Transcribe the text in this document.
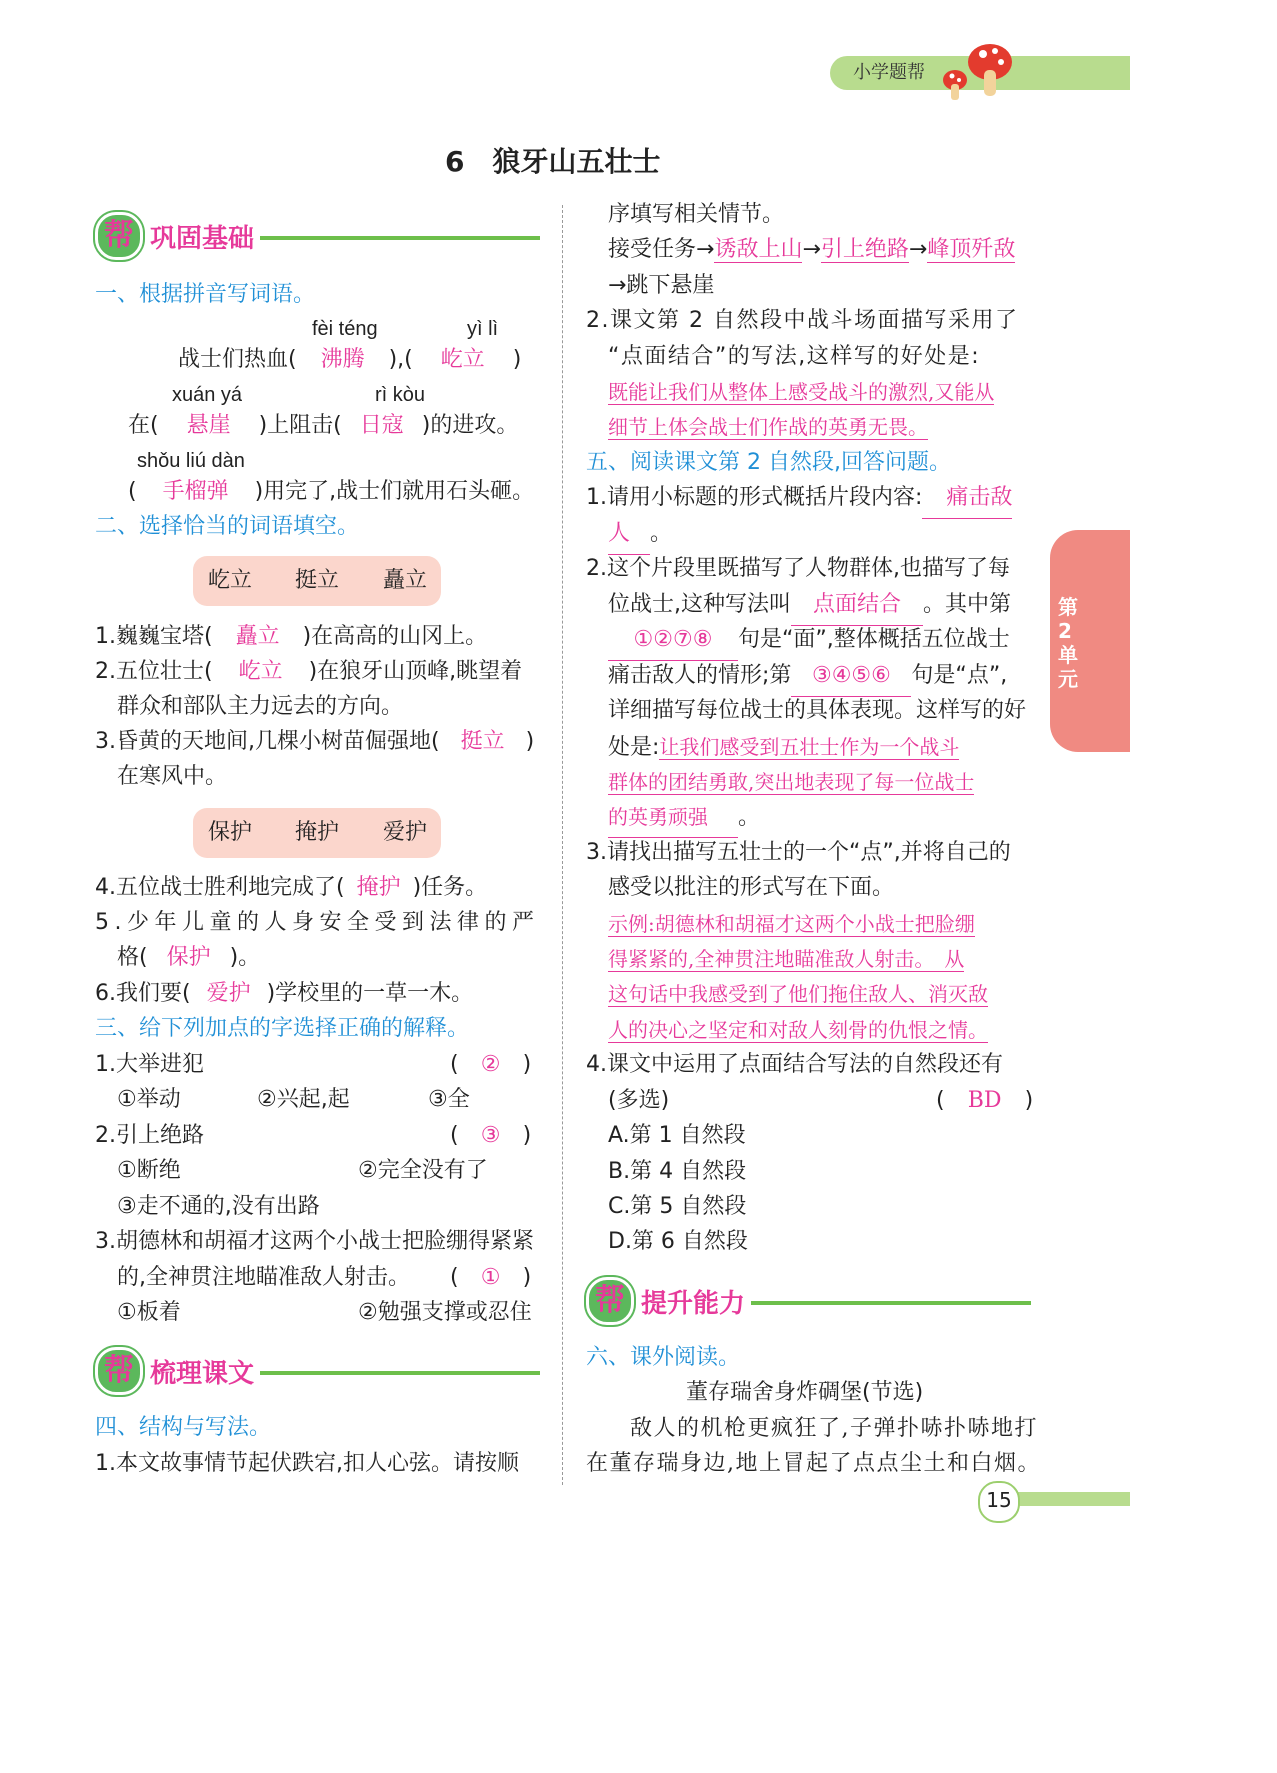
小学题帮
6　狼牙山五壮士
第2单元
帮 巩固基础
一、根据拼音写词语。
fèi téng	yì lì
战士们热血( 沸腾 ),( 屹立 )
xuán yá	rì kòu
在( 悬崖 )上阻击( 日寇 )的进攻。
shǒu liú dàn
( 手榴弹 )用完了,战士们就用石头砸。
二、选择恰当的词语填空。
屹立 挺立 矗立
1.巍巍宝塔( 矗立 )在高高的山冈上。
2.五位壮士( 屹立 )在狼牙山顶峰,眺望着
群众和部队主力远去的方向。
3.昏黄的天地间,几棵小树苗倔强地( 挺立 )
在寒风中。
保护 掩护 爱护
4.五位战士胜利地完成了( 掩护 )任务。
5.少年儿童的人身安全受到法律的严
格( 保护 )。
6.我们要( 爱护 )学校里的一草一木。
三、给下列加点的字选择正确的解释。
1.大举进犯	( ② )
①举动	②兴起,起	③全
2.引上绝路	( ③ )
①断绝	②完全没有了
③走不通的,没有出路
3.胡德林和胡福才这两个小战士把脸绷得紧紧
的,全神贯注地瞄准敌人射击。 ( ① )
①板着	②勉强支撑或忍住
帮 梳理课文
四、结构与写法。
1.本文故事情节起伏跌宕,扣人心弦。请按顺
序填写相关情节。
接受任务→诱敌上山→引上绝路→峰顶歼敌
→跳下悬崖
2.课文第 2 自然段中战斗场面描写采用了
“点面结合”的写法,这样写的好处是:
既能让我们从整体上感受战斗的激烈,又能从
细节上体会战士们作战的英勇无畏。
五、阅读课文第 2 自然段,回答问题。
1.请用小标题的形式概括片段内容: 痛击敌
人 。
2.这个片段里既描写了人物群体,也描写了每
位战士,这种写法叫 点面结合 。其中第
①②⑦⑧ 句是“面”,整体概括五位战士
痛击敌人的情形;第 ③④⑤⑥ 句是“点”,
详细描写每位战士的具体表现。这样写的好
处是:让我们感受到五壮士作为一个战斗
群体的团结勇敢,突出地表现了每一位战士
的英勇顽强 。
3.请找出描写五壮士的一个“点”,并将自己的
感受以批注的形式写在下面。
示例:胡德林和胡福才这两个小战士把脸绷
得紧紧的,全神贯注地瞄准敌人射击。　从
这句话中我感受到了他们拖住敌人、消灭敌
人的决心之坚定和对敌人刻骨的仇恨之情。
4.课文中运用了点面结合写法的自然段还有
(多选)	( BD )
A.第 1 自然段
B.第 4 自然段
C.第 5 自然段
D.第 6 自然段
帮 提升能力
六、课外阅读。
董存瑞舍身炸碉堡(节选)
敌人的机枪更疯狂了,子弹扑哧扑哧地打
在董存瑞身边,地上冒起了点点尘土和白烟。
15
